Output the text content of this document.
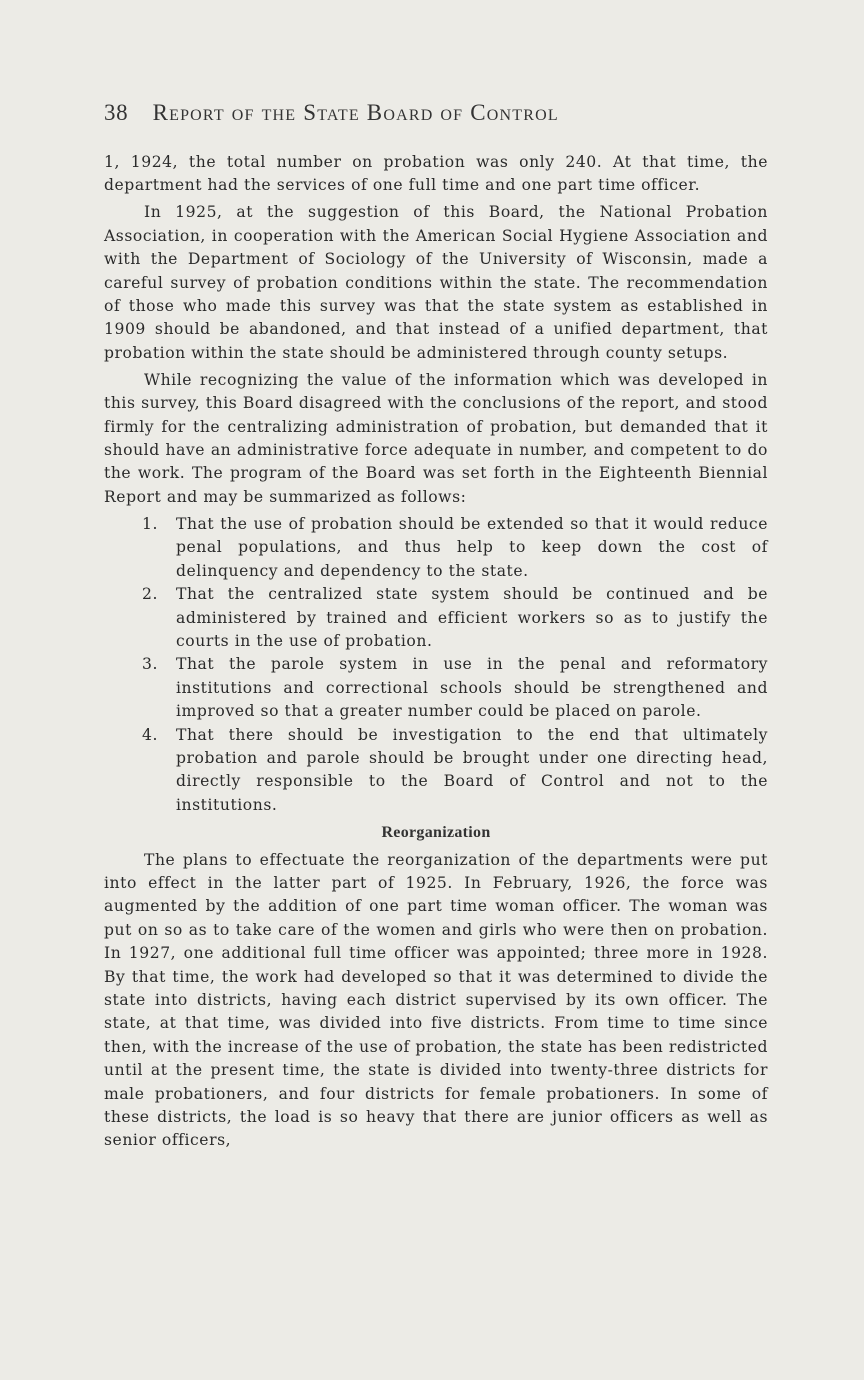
38 Report of the State Board of Control

1, 1924, the total number on probation was only 240. At that time, the department had the services of one full time and one part time officer.

In 1925, at the suggestion of this Board, the National Probation Association, in cooperation with the American Social Hygiene Association and with the Department of Sociology of the University of Wisconsin, made a careful survey of probation conditions within the state. The recommendation of those who made this survey was that the state system as established in 1909 should be abandoned, and that instead of a unified department, that probation within the state should be administered through county setups.

While recognizing the value of the information which was developed in this survey, this Board disagreed with the conclusions of the report, and stood firmly for the centralizing administration of probation, but demanded that it should have an administrative force adequate in number, and competent to do the work. The program of the Board was set forth in the Eighteenth Biennial Report and may be summarized as follows:

1. That the use of probation should be extended so that it would reduce penal populations, and thus help to keep down the cost of delinquency and dependency to the state.
2. That the centralized state system should be continued and be administered by trained and efficient workers so as to justify the courts in the use of probation.
3. That the parole system in use in the penal and reformatory institutions and correctional schools should be strengthened and improved so that a greater number could be placed on parole.
4. That there should be investigation to the end that ultimately probation and parole should be brought under one directing head, directly responsible to the Board of Control and not to the institutions.
Reorganization

The plans to effectuate the reorganization of the departments were put into effect in the latter part of 1925. In February, 1926, the force was augmented by the addition of one part time woman officer. The woman was put on so as to take care of the women and girls who were then on probation. In 1927, one additional full time officer was appointed; three more in 1928. By that time, the work had developed so that it was determined to divide the state into districts, having each district supervised by its own officer. The state, at that time, was divided into five districts. From time to time since then, with the increase of the use of probation, the state has been redistricted until at the present time, the state is divided into twenty-three districts for male probationers, and four districts for female probationers. In some of these districts, the load is so heavy that there are junior officers as well as senior officers,
